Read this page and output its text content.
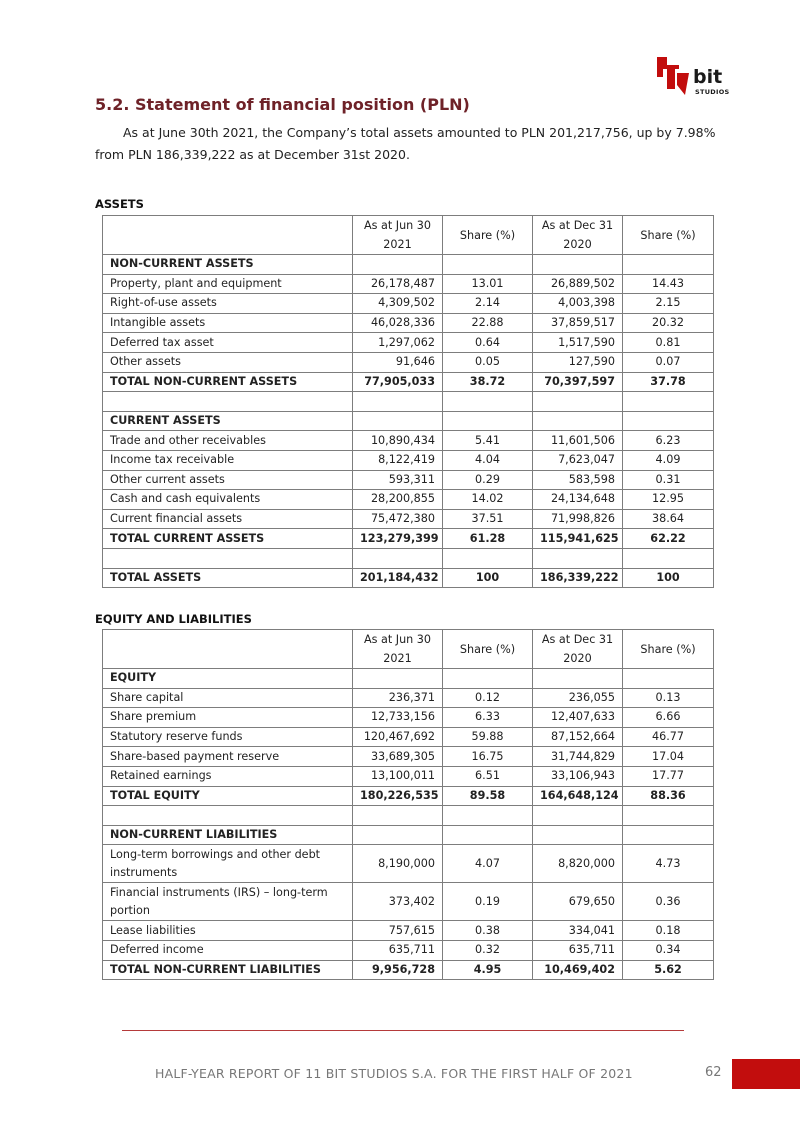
bit
STUDIOS
5.2. Statement of financial position (PLN)

As at June 30th 2021, the Company’s total assets amounted to PLN 201,217,756, up by 7.98% from PLN 186,339,222 as at December 31st 2020.

ASSETS

	As at Jun 30 2021	Share (%)	As at Dec 31 2020	Share (%)
NON-CURRENT ASSETS				
Property, plant and equipment	26,178,487	13.01	26,889,502	14.43
Right-of-use assets	4,309,502	2.14	4,003,398	2.15
Intangible assets	46,028,336	22.88	37,859,517	20.32
Deferred tax asset	1,297,062	0.64	1,517,590	0.81
Other assets	91,646	0.05	127,590	0.07
TOTAL NON-CURRENT ASSETS	77,905,033	38.72	70,397,597	37.78

CURRENT ASSETS				
Trade and other receivables	10,890,434	5.41	11,601,506	6.23
Income tax receivable	8,122,419	4.04	7,623,047	4.09
Other current assets	593,311	0.29	583,598	0.31
Cash and cash equivalents	28,200,855	14.02	24,134,648	12.95
Current financial assets	75,472,380	37.51	71,998,826	38.64
TOTAL CURRENT ASSETS	123,279,399	61.28	115,941,625	62.22

TOTAL ASSETS	201,184,432	100	186,339,222	100

EQUITY AND LIABILITIES

	As at Jun 30 2021	Share (%)	As at Dec 31 2020	Share (%)
EQUITY				
Share capital	236,371	0.12	236,055	0.13
Share premium	12,733,156	6.33	12,407,633	6.66
Statutory reserve funds	120,467,692	59.88	87,152,664	46.77
Share-based payment reserve	33,689,305	16.75	31,744,829	17.04
Retained earnings	13,100,011	6.51	33,106,943	17.77
TOTAL EQUITY	180,226,535	89.58	164,648,124	88.36

NON-CURRENT LIABILITIES				
Long-term borrowings and other debt instruments	8,190,000	4.07	8,820,000	4.73
Financial instruments (IRS) – long-term portion	373,402	0.19	679,650	0.36
Lease liabilities	757,615	0.38	334,041	0.18
Deferred income	635,711	0.32	635,711	0.34
TOTAL NON-CURRENT LIABILITIES	9,956,728	4.95	10,469,402	5.62

HALF-YEAR REPORT OF 11 BIT STUDIOS S.A. FOR THE FIRST HALF OF 2021	62
